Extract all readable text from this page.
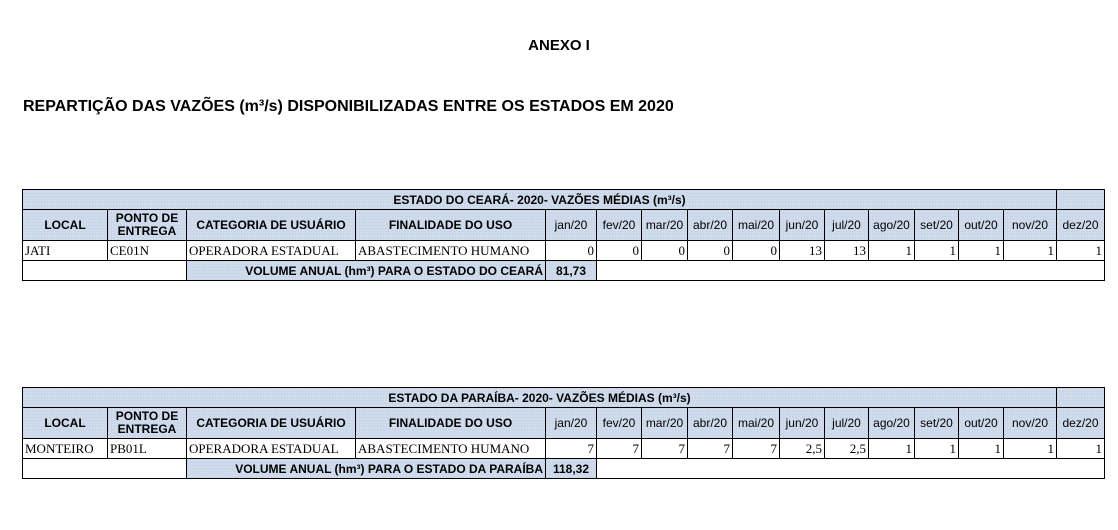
ANEXO I
REPARTIÇÃO DAS VAZÕES (m³/s) DISPONIBILIZADAS ENTRE OS ESTADOS EM 2020
ESTADO DO CEARÁ- 2020- VAZÕES MÉDIAS (m³/s)															
LOCAL	PONTO DE ENTREGA	CATEGORIA DE USUÁRIO	FINALIDADE DO USO	jan/20	fev/20	mar/20	abr/20	mai/20	jun/20	jul/20	ago/20	set/20	out/20	nov/20	dez/20
JATI	CE01N	OPERADORA ESTADUAL	ABASTECIMENTO HUMANO	0	0	0	0	0	13	13	1	1	1	1	1
		VOLUME ANUAL (hm³) PARA O ESTADO DO CEARÁ		81,73											
ESTADO DA PARAÍBA- 2020- VAZÕES MÉDIAS (m³/s)															
LOCAL	PONTO DE ENTREGA	CATEGORIA DE USUÁRIO	FINALIDADE DO USO	jan/20	fev/20	mar/20	abr/20	mai/20	jun/20	jul/20	ago/20	set/20	out/20	nov/20	dez/20
MONTEIRO	PB01L	OPERADORA ESTADUAL	ABASTECIMENTO HUMANO	7	7	7	7	7	2,5	2,5	1	1	1	1	1
		VOLUME ANUAL (hm³) PARA O ESTADO DA PARAÍBA		118,32											
